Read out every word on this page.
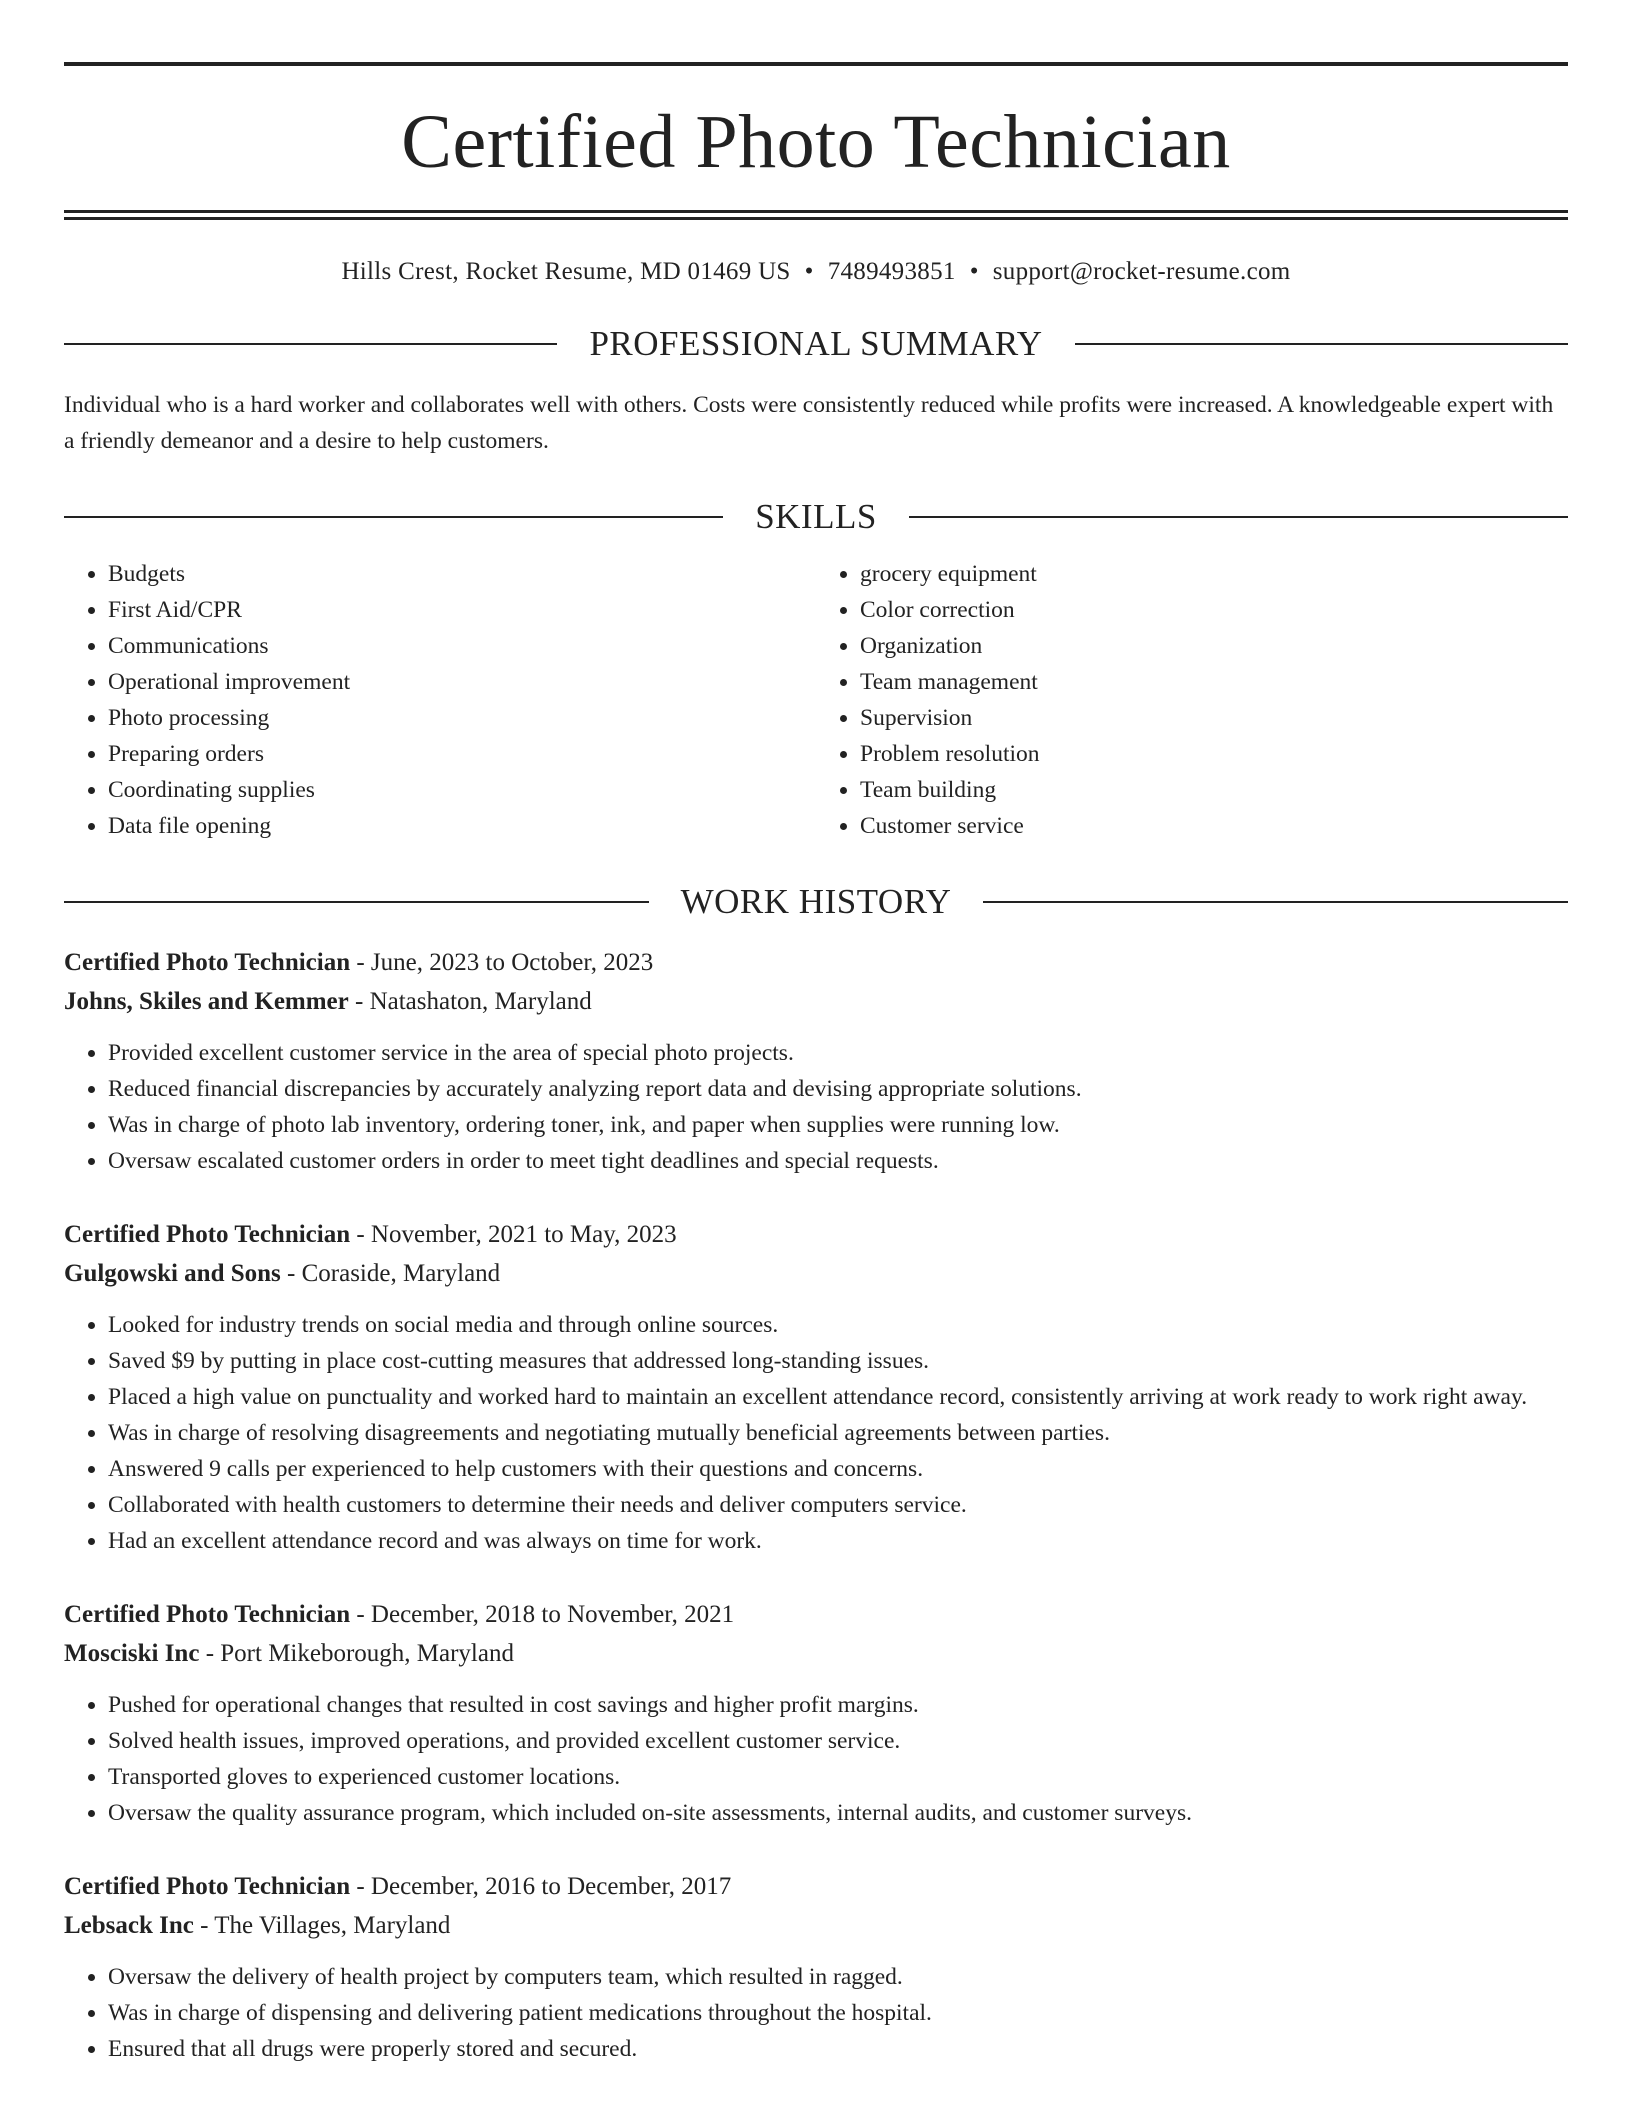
Certified Photo Technician
Hills Crest, Rocket Resume, MD 01469 US • 7489493851 • support@rocket-resume.com
PROFESSIONAL SUMMARY
Individual who is a hard worker and collaborates well with others. Costs were consistently reduced while profits were increased. A knowledgeable expert with a friendly demeanor and a desire to help customers.
SKILLS
• Budgets
• First Aid/CPR
• Communications
• Operational improvement
• Photo processing
• Preparing orders
• Coordinating supplies
• Data file opening
• grocery equipment
• Color correction
• Organization
• Team management
• Supervision
• Problem resolution
• Team building
• Customer service
WORK HISTORY
Certified Photo Technician - June, 2023 to October, 2023
Johns, Skiles and Kemmer - Natashaton, Maryland
• Provided excellent customer service in the area of special photo projects.
• Reduced financial discrepancies by accurately analyzing report data and devising appropriate solutions.
• Was in charge of photo lab inventory, ordering toner, ink, and paper when supplies were running low.
• Oversaw escalated customer orders in order to meet tight deadlines and special requests.
Certified Photo Technician - November, 2021 to May, 2023
Gulgowski and Sons - Coraside, Maryland
• Looked for industry trends on social media and through online sources.
• Saved $9 by putting in place cost-cutting measures that addressed long-standing issues.
• Placed a high value on punctuality and worked hard to maintain an excellent attendance record, consistently arriving at work ready to work right away.
• Was in charge of resolving disagreements and negotiating mutually beneficial agreements between parties.
• Answered 9 calls per experienced to help customers with their questions and concerns.
• Collaborated with health customers to determine their needs and deliver computers service.
• Had an excellent attendance record and was always on time for work.
Certified Photo Technician - December, 2018 to November, 2021
Mosciski Inc - Port Mikeborough, Maryland
• Pushed for operational changes that resulted in cost savings and higher profit margins.
• Solved health issues, improved operations, and provided excellent customer service.
• Transported gloves to experienced customer locations.
• Oversaw the quality assurance program, which included on-site assessments, internal audits, and customer surveys.
Certified Photo Technician - December, 2016 to December, 2017
Lebsack Inc - The Villages, Maryland
• Oversaw the delivery of health project by computers team, which resulted in ragged.
• Was in charge of dispensing and delivering patient medications throughout the hospital.
• Ensured that all drugs were properly stored and secured.
